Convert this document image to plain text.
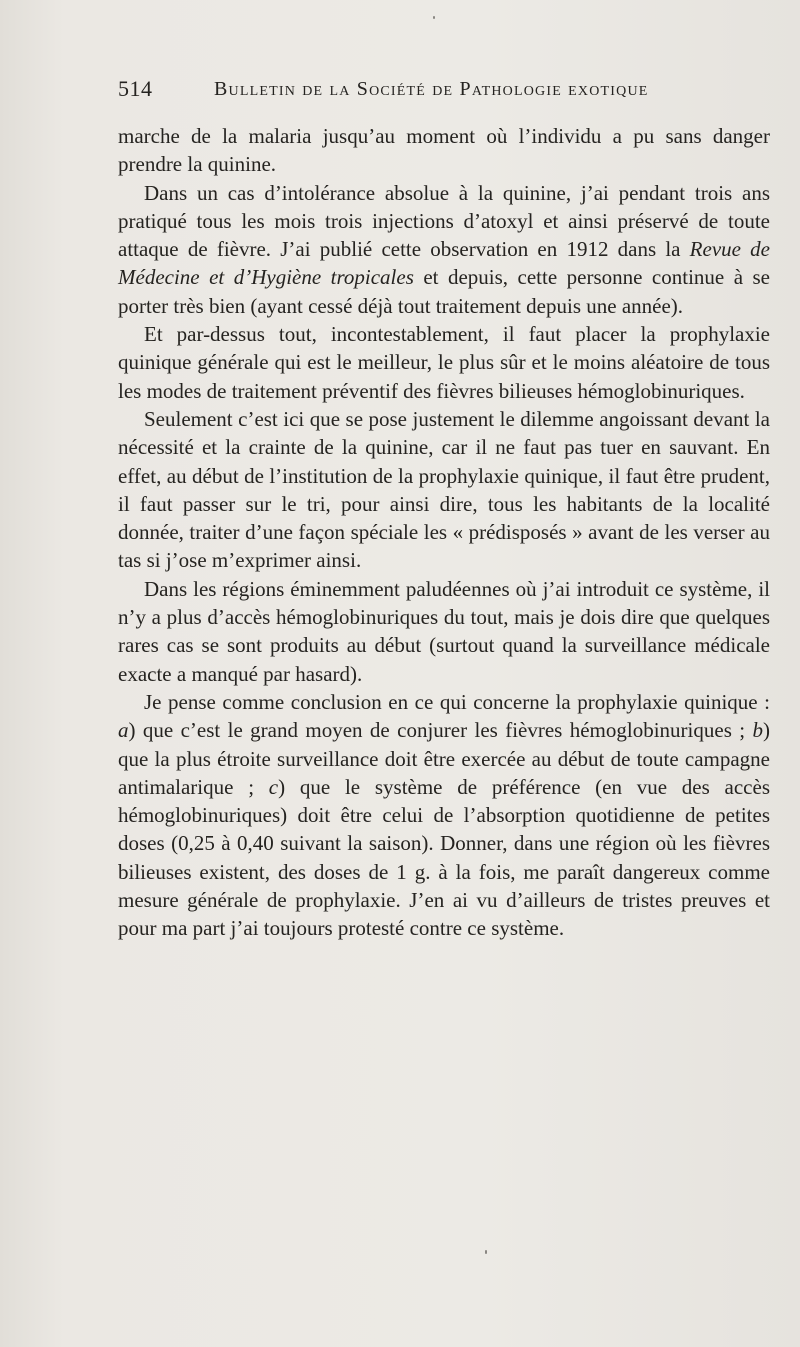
514	Bulletin de la Société de Pathologie exotique

marche de la malaria jusqu’au moment où l’individu a pu sans danger prendre la quinine.

Dans un cas d’intolérance absolue à la quinine, j’ai pendant trois ans pratiqué tous les mois trois injections d’atoxyl et ainsi préservé de toute attaque de fièvre. J’ai publié cette observation en 1912 dans la Revue de Médecine et d’Hygiène tropicales et depuis, cette personne continue à se porter très bien (ayant cessé déjà tout traitement depuis une année).

Et par-dessus tout, incontestablement, il faut placer la prophylaxie quinique générale qui est le meilleur, le plus sûr et le moins aléatoire de tous les modes de traitement préventif des fièvres bilieuses hémoglobinuriques.

Seulement c’est ici que se pose justement le dilemme angoissant devant la nécessité et la crainte de la quinine, car il ne faut pas tuer en sauvant. En effet, au début de l’institution de la prophylaxie quinique, il faut être prudent, il faut passer sur le tri, pour ainsi dire, tous les habitants de la localité donnée, traiter d’une façon spéciale les « prédisposés » avant de les verser au tas si j’ose m’exprimer ainsi.

Dans les régions éminemment paludéennes où j’ai introduit ce système, il n’y a plus d’accès hémoglobinuriques du tout, mais je dois dire que quelques rares cas se sont produits au début (surtout quand la surveillance médicale exacte a manqué par hasard).

Je pense comme conclusion en ce qui concerne la prophylaxie quinique : a) que c’est le grand moyen de conjurer les fièvres hémoglobinuriques ; b) que la plus étroite surveillance doit être exercée au début de toute campagne antimalarique ; c) que le système de préférence (en vue des accès hémoglobinuriques) doit être celui de l’absorption quotidienne de petites doses (0,25 à 0,40 suivant la saison). Donner, dans une région où les fièvres bilieuses existent, des doses de 1 g. à la fois, me paraît dangereux comme mesure générale de prophylaxie. J’en ai vu d’ailleurs de tristes preuves et pour ma part j’ai toujours protesté contre ce système.
